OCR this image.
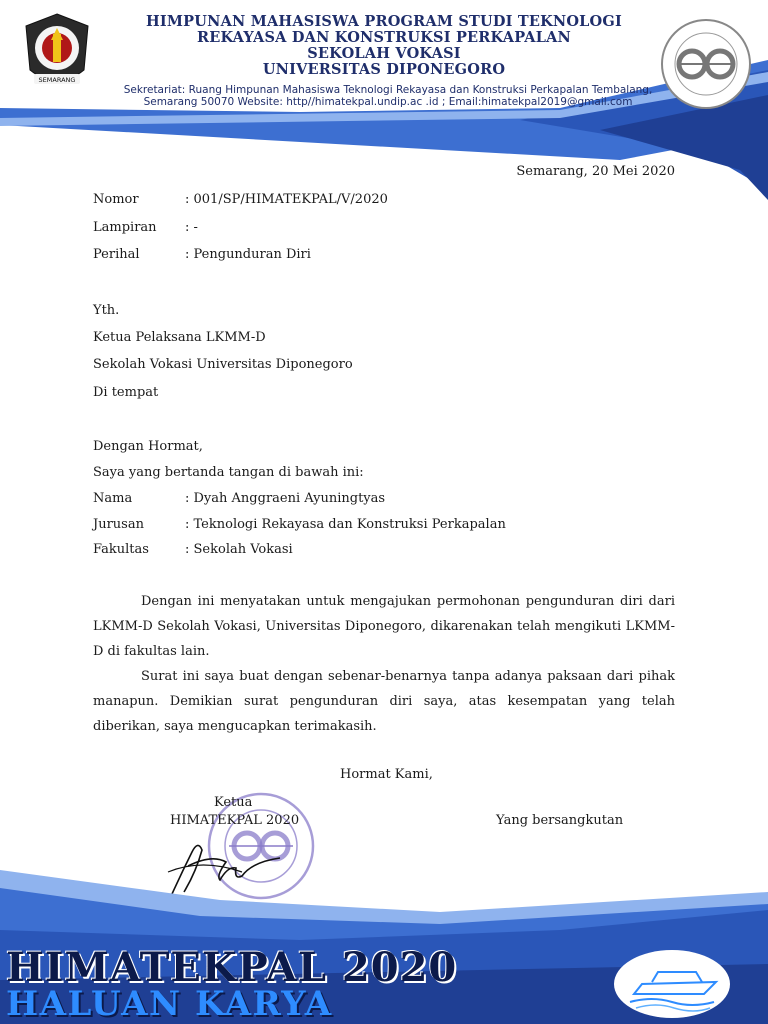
SEMARANG
HIMPUNAN MAHASISWA PROGRAM STUDI TEKNOLOGI
REKAYASA DAN KONSTRUKSI PERKAPALAN
SEKOLAH VOKASI
UNIVERSITAS DIPONEGORO
Sekretariat: Ruang Himpunan Mahasiswa Teknologi Rekayasa dan Konstruksi Perkapalan Tembalang,
Semarang 50070 Website: http//himatekpal.undip.ac .id ; Email:himatekpal2019@gmail.com
Semarang, 20 Mei 2020
Nomor	: 001/SP/HIMATEKPAL/V/2020
Lampiran : -
Perihal	: Pengunduran Diri
Yth.
Ketua Pelaksana LKMM-D
Sekolah Vokasi Universitas Diponegoro
Di tempat
Dengan Hormat,
Saya yang bertanda tangan di bawah ini:
Nama	: Dyah Anggraeni Ayuningtyas
Jurusan	: Teknologi Rekayasa dan Konstruksi Perkapalan
Fakultas	: Sekolah Vokasi
Dengan ini menyatakan untuk mengajukan permohonan pengunduran diri dari LKMM-D Sekolah Vokasi, Universitas Diponegoro, dikarenakan telah mengikuti LKMM-D di fakultas lain.
Surat ini saya buat dengan sebenar-benarnya tanpa adanya paksaan dari pihak manapun. Demikian surat pengunduran diri saya, atas kesempatan yang telah diberikan, saya mengucapkan terimakasih.
Hormat Kami,
Ketua
HIMATEKPAL 2020	Yang bersangkutan
HIMATEKPAL 2020
HALUAN KARYA
